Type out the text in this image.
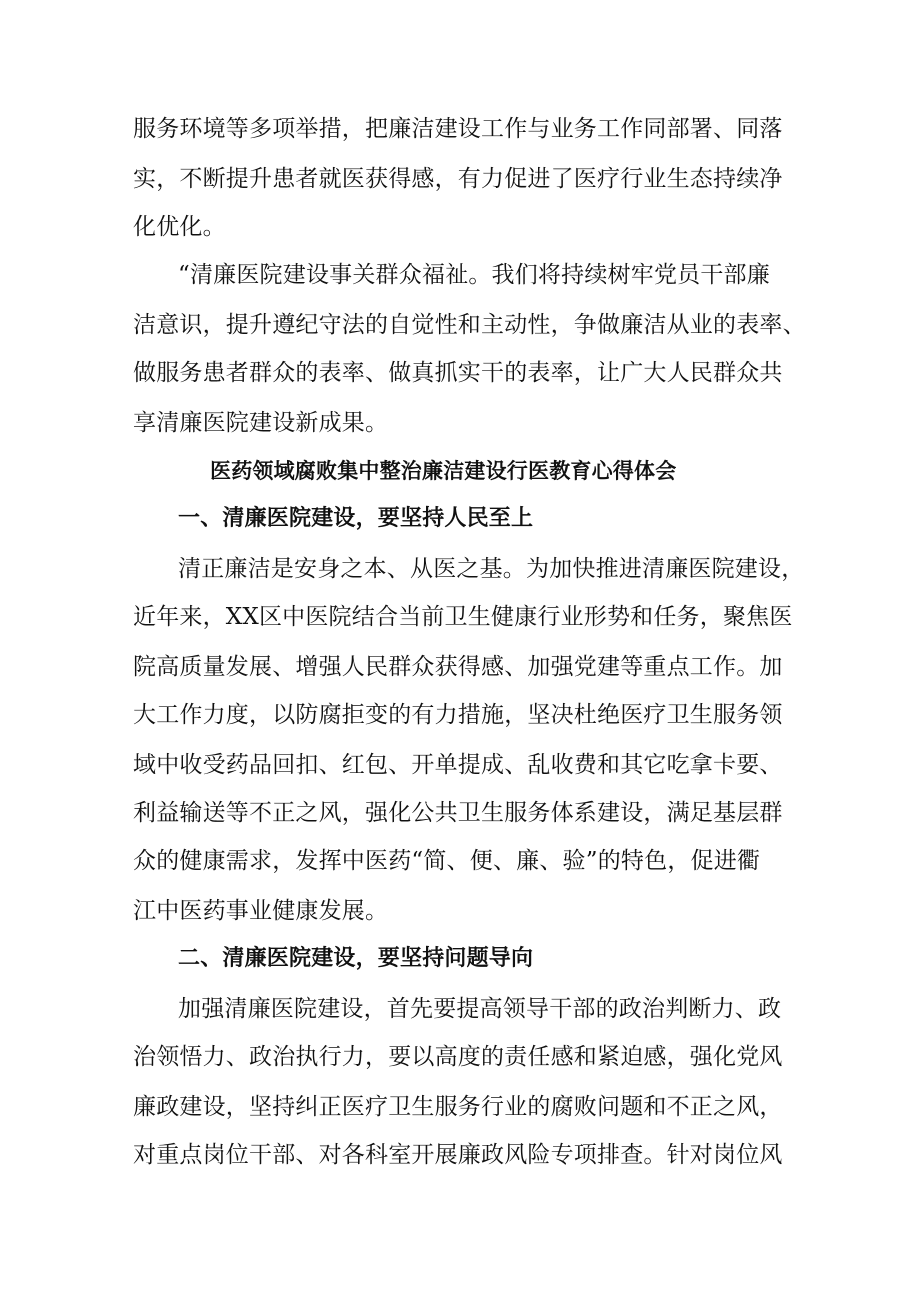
服务环境等多项举措，把廉洁建设工作与业务工作同部署、同落
实，不断提升患者就医获得感，有力促进了医疗行业生态持续净
化优化。
“清廉医院建设事关群众福祉。我们将持续树牢党员干部廉
洁意识，提升遵纪守法的自觉性和主动性，争做廉洁从业的表率、
做服务患者群众的表率、做真抓实干的表率，让广大人民群众共
享清廉医院建设新成果。
医药领域腐败集中整治廉洁建设行医教育心得体会
一、清廉医院建设，要坚持人民至上
清正廉洁是安身之本、从医之基。为加快推进清廉医院建设，
近年来，XX区中医院结合当前卫生健康行业形势和任务，聚焦医
院高质量发展、增强人民群众获得感、加强党建等重点工作。加
大工作力度，以防腐拒变的有力措施，坚决杜绝医疗卫生服务领
域中收受药品回扣、红包、开单提成、乱收费和其它吃拿卡要、
利益输送等不正之风，强化公共卫生服务体系建设，满足基层群
众的健康需求，发挥中医药“简、便、廉、验”的特色，促进衢
江中医药事业健康发展。
二、清廉医院建设，要坚持问题导向
加强清廉医院建设，首先要提高领导干部的政治判断力、政
治领悟力、政治执行力，要以高度的责任感和紧迫感，强化党风
廉政建设，坚持纠正医疗卫生服务行业的腐败问题和不正之风，
对重点岗位干部、对各科室开展廉政风险专项排查。针对岗位风
